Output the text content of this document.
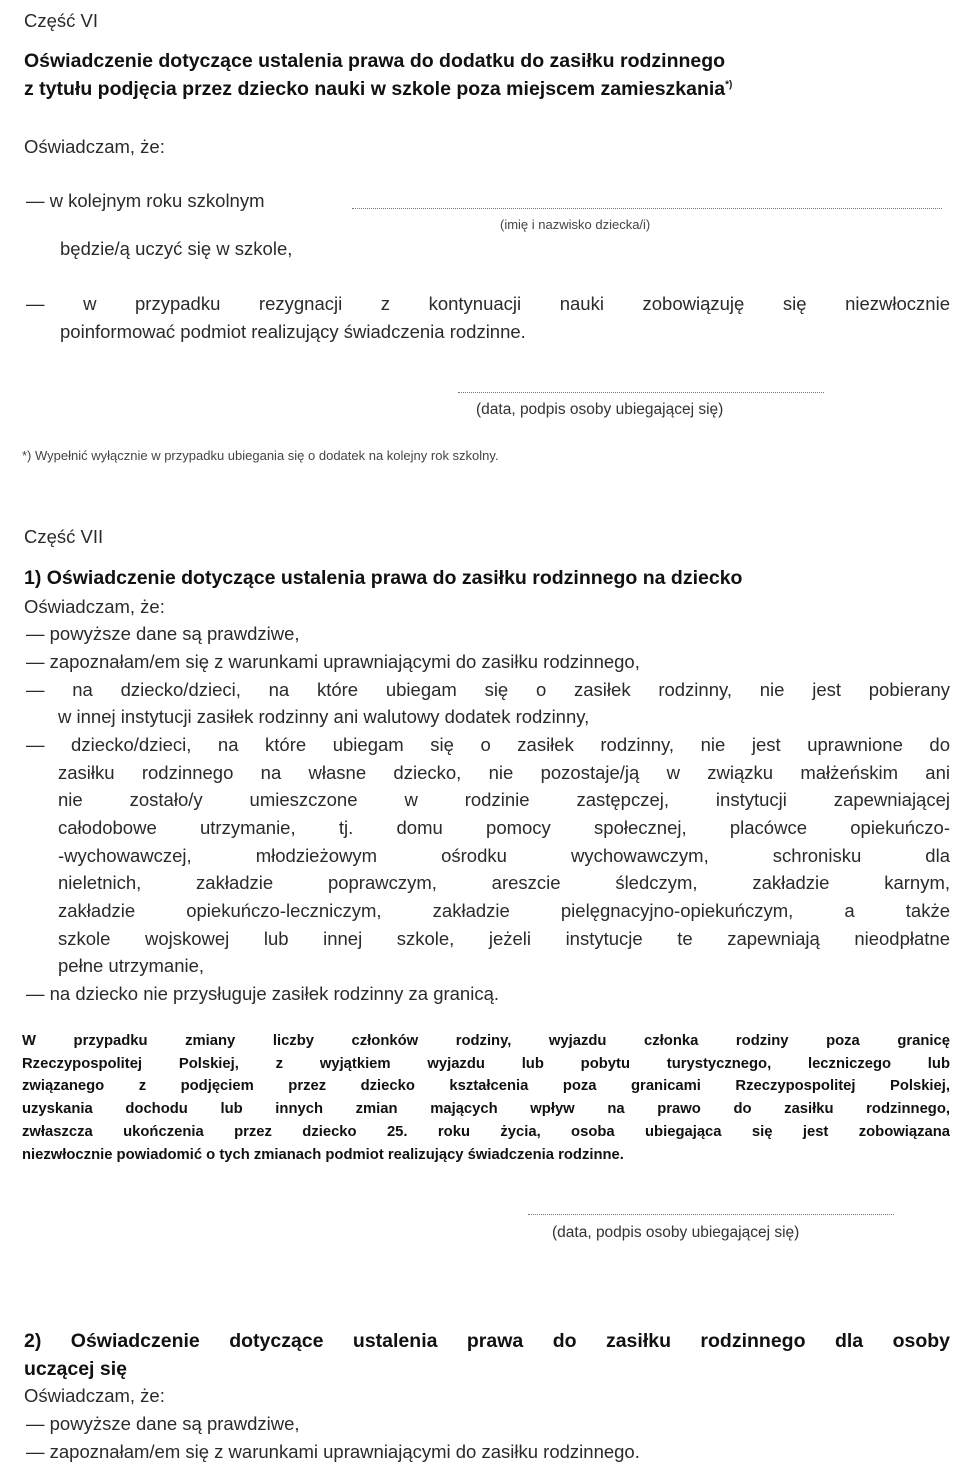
Część VI
Oświadczenie dotyczące ustalenia prawa do dodatku do zasiłku rodzinnego
z tytułu podjęcia przez dziecko nauki w szkole poza miejscem zamieszkania*)
Oświadczam, że:
— w kolejnym roku szkolnym
(imię i nazwisko dziecka/i)
będzie/ą uczyć się w szkole,
— w przypadku rezygnacji z kontynuacji nauki zobowiązuję się niezwłocznie
poinformować podmiot realizujący świadczenia rodzinne.
(data, podpis osoby ubiegającej się)
*) Wypełnić wyłącznie w przypadku ubiegania się o dodatek na kolejny rok szkolny.
Część VII
1) Oświadczenie dotyczące ustalenia prawa do zasiłku rodzinnego na dziecko
Oświadczam, że:
— powyższe dane są prawdziwe,
— zapoznałam/em się z warunkami uprawniającymi do zasiłku rodzinnego,
— na dziecko/dzieci, na które ubiegam się o zasiłek rodzinny, nie jest pobierany
w innej instytucji zasiłek rodzinny ani walutowy dodatek rodzinny,
— dziecko/dzieci, na które ubiegam się o zasiłek rodzinny, nie jest uprawnione do
zasiłku rodzinnego na własne dziecko, nie pozostaje/ją w związku małżeńskim ani
nie zostało/y umieszczone w rodzinie zastępczej, instytucji zapewniającej
całodobowe utrzymanie, tj. domu pomocy społecznej, placówce opiekuńczo-
-wychowawczej, młodzieżowym ośrodku wychowawczym, schronisku dla
nieletnich, zakładzie poprawczym, areszcie śledczym, zakładzie karnym,
zakładzie opiekuńczo-leczniczym, zakładzie pielęgnacyjno-opiekuńczym, a także
szkole wojskowej lub innej szkole, jeżeli instytucje te zapewniają nieodpłatne
pełne utrzymanie,
— na dziecko nie przysługuje zasiłek rodzinny za granicą.
W przypadku zmiany liczby członków rodziny, wyjazdu członka rodziny poza granicę
Rzeczypospolitej Polskiej, z wyjątkiem wyjazdu lub pobytu turystycznego, leczniczego lub
związanego z podjęciem przez dziecko kształcenia poza granicami Rzeczypospolitej Polskiej,
uzyskania dochodu lub innych zmian mających wpływ na prawo do zasiłku rodzinnego,
zwłaszcza ukończenia przez dziecko 25. roku życia, osoba ubiegająca się jest zobowiązana
niezwłocznie powiadomić o tych zmianach podmiot realizujący świadczenia rodzinne.
(data, podpis osoby ubiegającej się)
2) Oświadczenie dotyczące ustalenia prawa do zasiłku rodzinnego dla osoby
uczącej się
Oświadczam, że:
— powyższe dane są prawdziwe,
— zapoznałam/em się z warunkami uprawniającymi do zasiłku rodzinnego.
